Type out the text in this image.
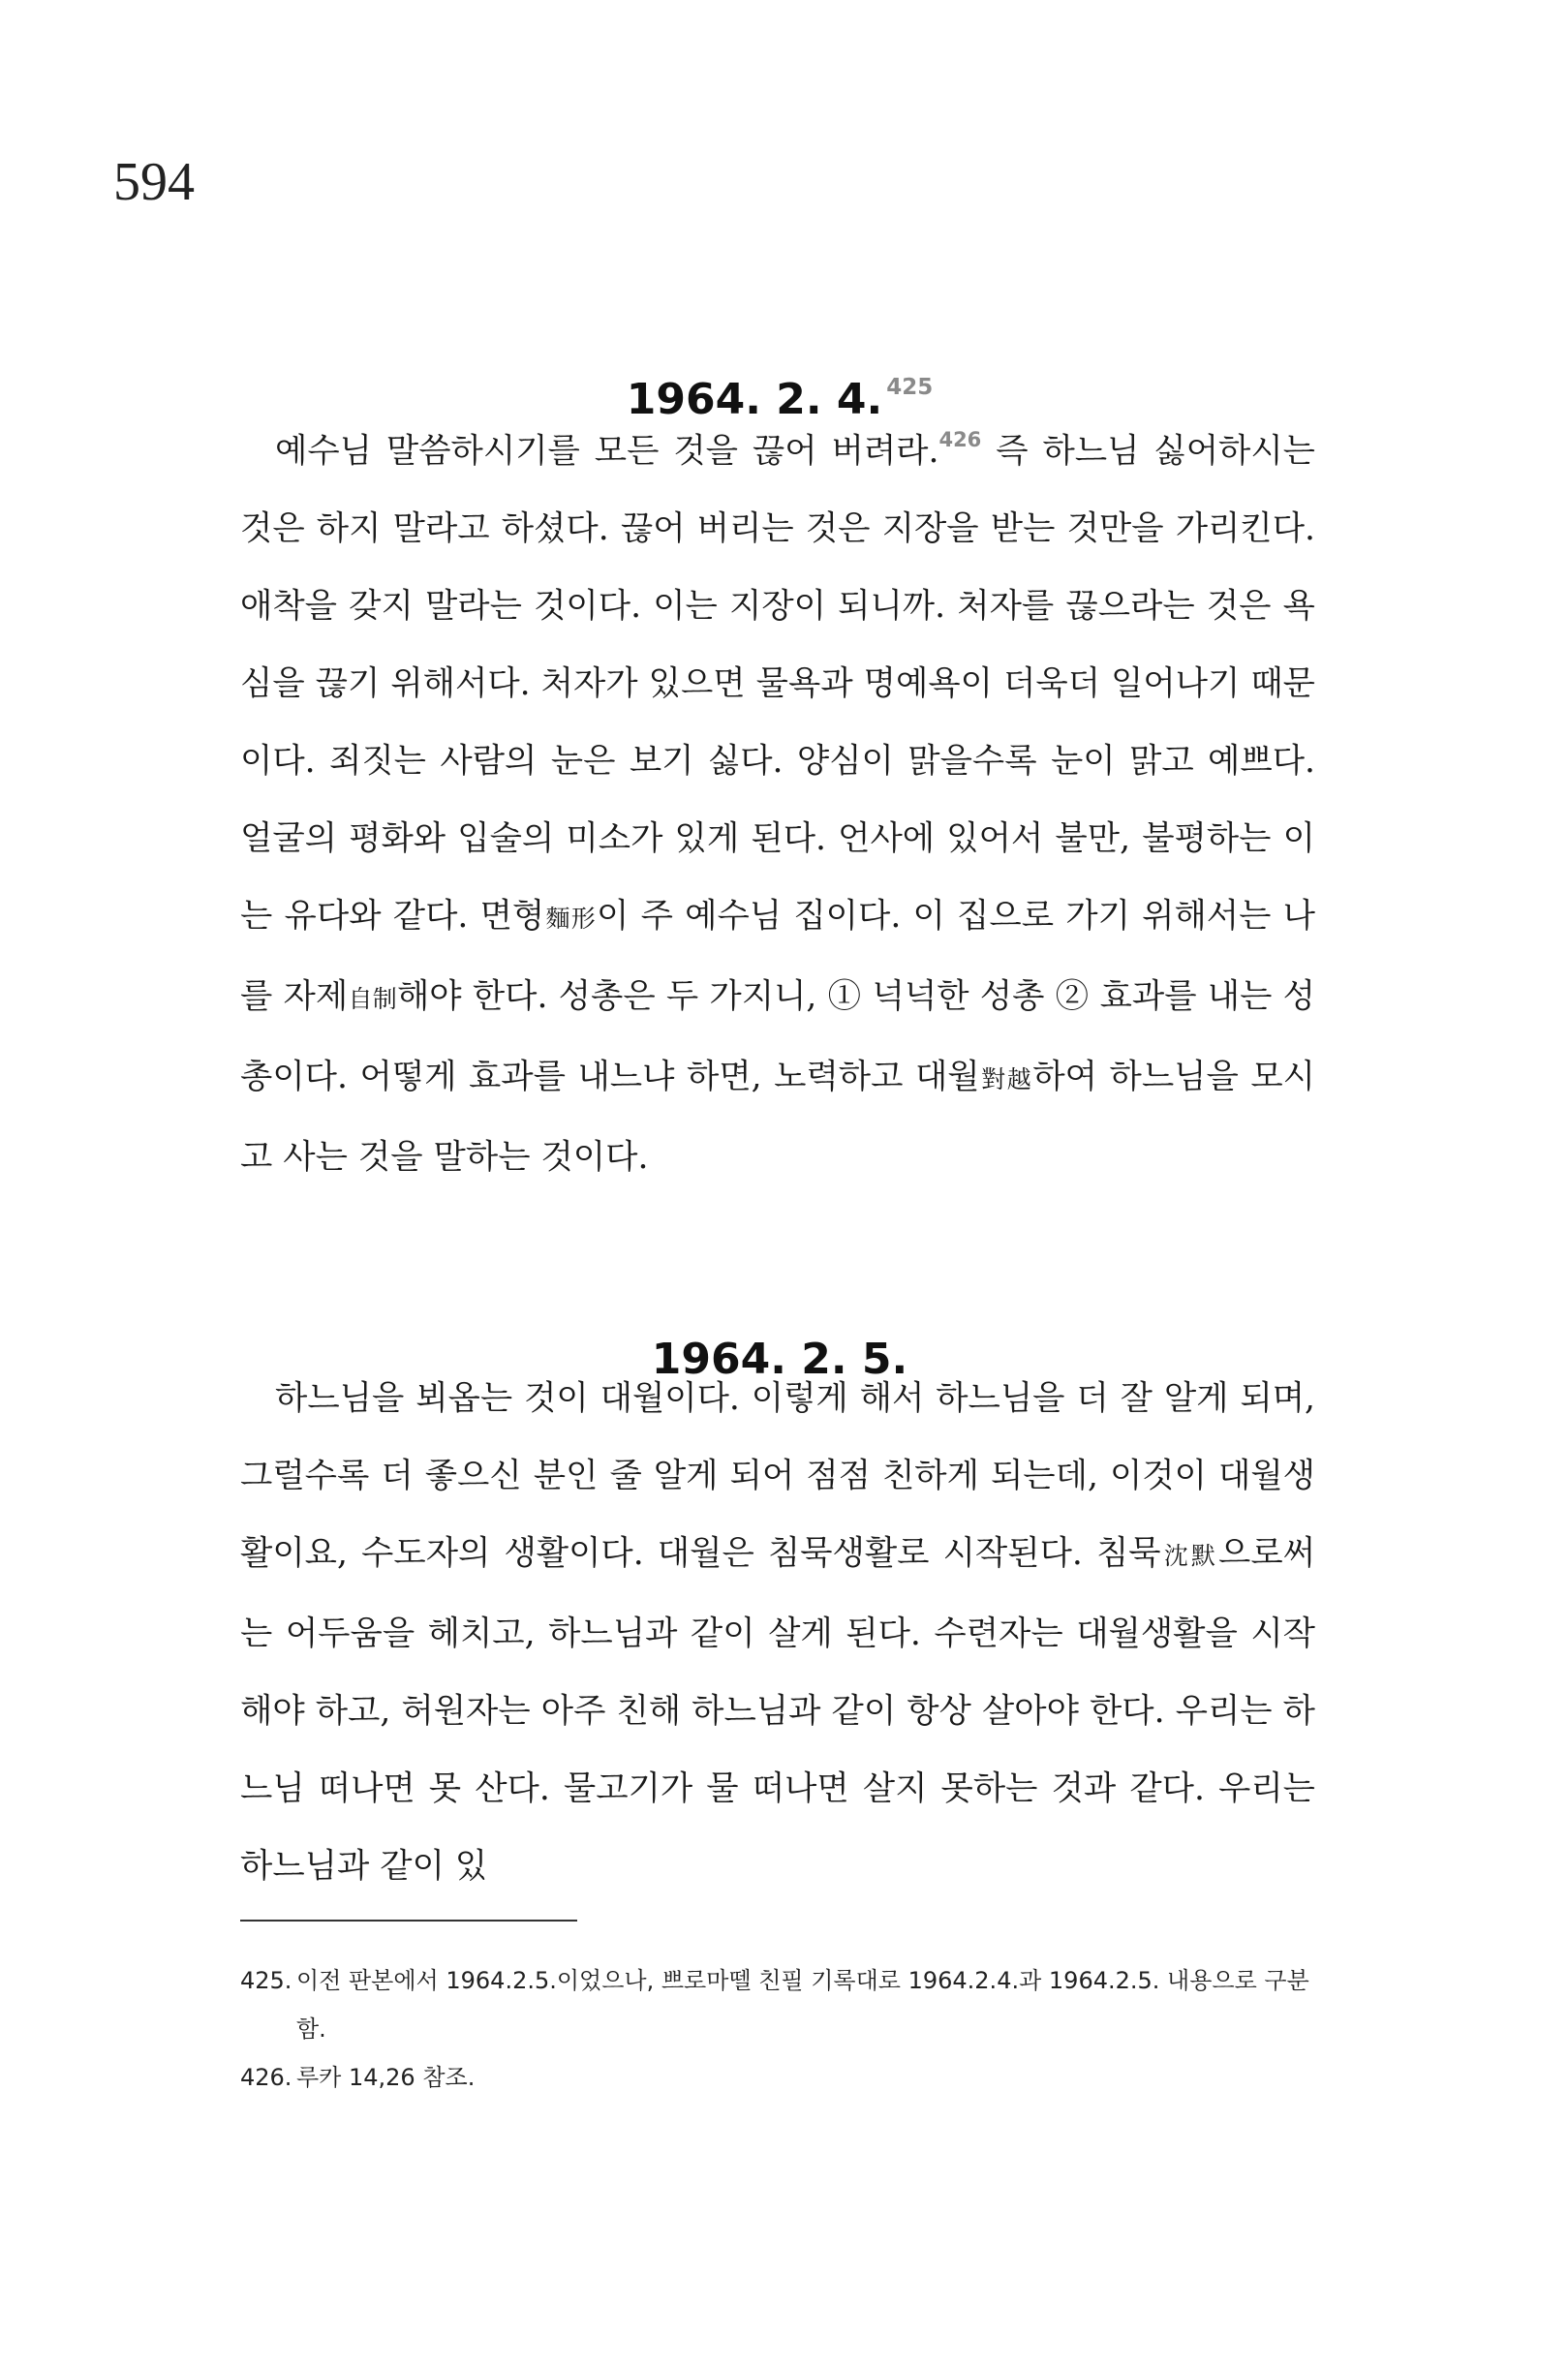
594
1964. 2. 4. $^{425}$

예수님 말씀하시기를 모든 것을 끊어 버려라.$^{426}$ 즉 하느님 싫어하시는 것은 하지 말라고 하셨다. 끊어 버리는 것은 지장을 받는 것만을 가리킨다. 애착을 갖지 말라는 것이다. 이는 지장이 되니까. 처자를 끊으라는 것은 욕심을 끊기 위해서다. 처자가 있으면 물욕과 명예욕이 더욱더 일어나기 때문이다. 죄짓는 사람의 눈은 보기 싫다. 양심이 맑을수록 눈이 맑고 예쁘다. 얼굴의 평화와 입술의 미소가 있게 된다. 언사에 있어서 불만, 불평하는 이는 유다와 같다. 면형麵形이 주 예수님 집이다. 이 집으로 가기 위해서는 나를 자제自制해야 한다. 성총은 두 가지니, ① 넉넉한 성총 ② 효과를 내는 성총이다. 어떻게 효과를 내느냐 하면, 노력하고 대월對越하여 하느님을 모시고 사는 것을 말하는 것이다.

1964. 2. 5.

하느님을 뵈옵는 것이 대월이다. 이렇게 해서 하느님을 더 잘 알게 되며, 그럴수록 더 좋으신 분인 줄 알게 되어 점점 친하게 되는데, 이것이 대월생활이요, 수도자의 생활이다. 대월은 침묵생활로 시작된다. 침묵沈默으로써는 어두움을 헤치고, 하느님과 같이 살게 된다. 수련자는 대월생활을 시작해야 하고, 허원자는 아주 친해 하느님과 같이 항상 살아야 한다. 우리는 하느님 떠나면 못 산다. 물고기가 물 떠나면 살지 못하는 것과 같다. 우리는 하느님과 같이 있

425. 이전 판본에서 1964.2.5.이었으나, 쁘로마뗄 친필 기록대로 1964.2.4.과 1964.2.5. 내용으로 구분함.
426. 루카 14,26 참조.
